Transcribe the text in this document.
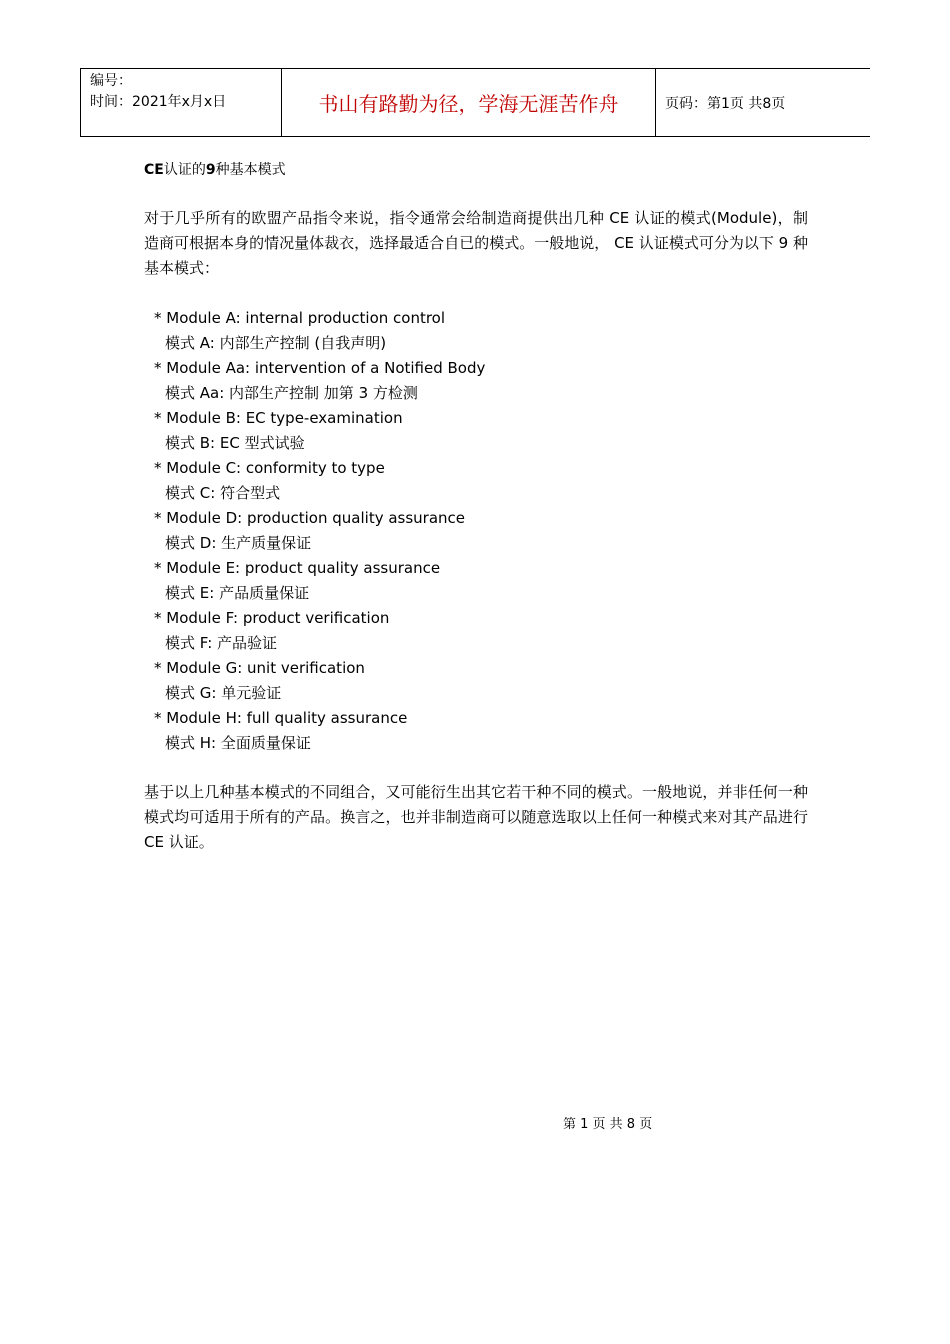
编号：
时间：2021年x月x日	书山有路勤为径，学海无涯苦作舟	页码：第1页 共8页
CE认证的9种基本模式
对于几乎所有的欧盟产品指令来说，指令通常会给制造商提供出几种 CE 认证的模式(Module)，制造商可根据本身的情况量体裁衣，选择最适合自已的模式。一般地说， CE 认证模式可分为以下 9 种基本模式：
* Module A: internal production control
模式 A: 内部生产控制 (自我声明)
* Module Aa: intervention of a Notified Body
模式 Aa: 内部生产控制 加第 3 方检测
* Module B: EC type-examination
模式 B: EC 型式试验
* Module C: conformity to type
模式 C: 符合型式
* Module D: production quality assurance
模式 D: 生产质量保证
* Module E: product quality assurance
模式 E: 产品质量保证
* Module F: product verification
模式 F: 产品验证
* Module G: unit verification
模式 G: 单元验证
* Module H: full quality assurance
模式 H: 全面质量保证
基于以上几种基本模式的不同组合，又可能衍生出其它若干种不同的模式。一般地说，并非任何一种模式均可适用于所有的产品。换言之，也并非制造商可以随意选取以上任何一种模式来对其产品进行 CE 认证。
第 1 页 共 8 页
